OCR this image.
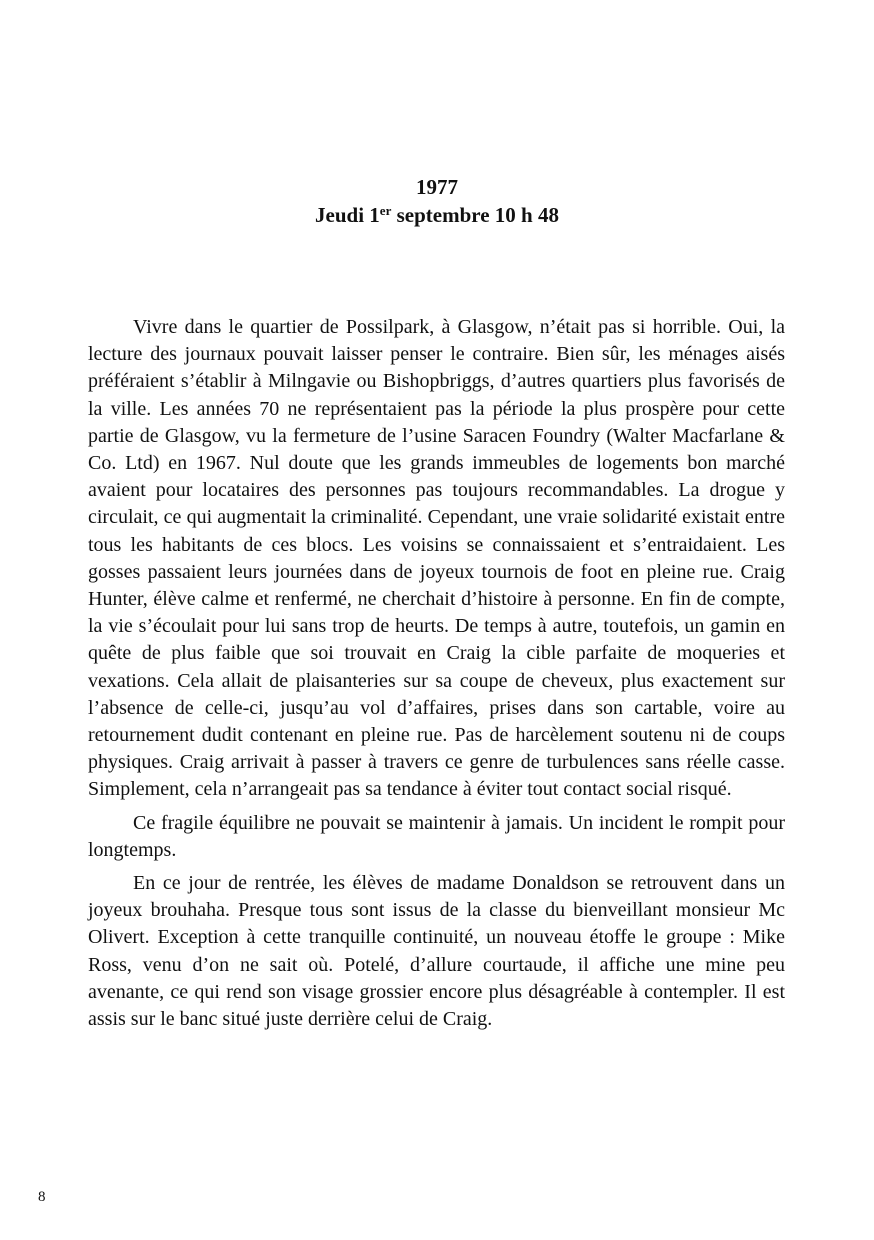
1977
Jeudi 1er septembre 10 h 48

Vivre dans le quartier de Possilpark, à Glasgow, n’était pas si horrible. Oui, la lecture des journaux pouvait laisser penser le contraire. Bien sûr, les ménages aisés préféraient s’établir à Milngavie ou Bishopbriggs, d’autres quartiers plus favorisés de la ville. Les années 70 ne représentaient pas la période la plus prospère pour cette partie de Glasgow, vu la fermeture de l’usine Saracen Foundry (Walter Macfarlane & Co. Ltd) en 1967. Nul doute que les grands immeubles de logements bon marché avaient pour locataires des personnes pas toujours recommandables. La drogue y circulait, ce qui augmentait la criminalité. Cependant, une vraie solidarité existait entre tous les habitants de ces blocs. Les voisins se connaissaient et s’entraidaient. Les gosses passaient leurs journées dans de joyeux tournois de foot en pleine rue. Craig Hunter, élève calme et renfermé, ne cherchait d’histoire à personne. En fin de compte, la vie s’écoulait pour lui sans trop de heurts. De temps à autre, toutefois, un gamin en quête de plus faible que soi trouvait en Craig la cible parfaite de moqueries et vexations. Cela allait de plaisanteries sur sa coupe de cheveux, plus exactement sur l’absence de celle-ci, jusqu’au vol d’affaires, prises dans son cartable, voire au retournement dudit contenant en pleine rue. Pas de harcèlement soutenu ni de coups physiques. Craig arrivait à passer à travers ce genre de turbulences sans réelle casse. Simplement, cela n’arrangeait pas sa tendance à éviter tout contact social risqué.

Ce fragile équilibre ne pouvait se maintenir à jamais. Un incident le rompit pour longtemps.

En ce jour de rentrée, les élèves de madame Donaldson se retrouvent dans un joyeux brouhaha. Presque tous sont issus de la classe du bienveillant monsieur Mc Olivert. Exception à cette tranquille continuité, un nouveau étoffe le groupe : Mike Ross, venu d’on ne sait où. Potelé, d’allure courtaude, il affiche une mine peu avenante, ce qui rend son visage grossier encore plus désagréable à contempler. Il est assis sur le banc situé juste derrière celui de Craig.

8
